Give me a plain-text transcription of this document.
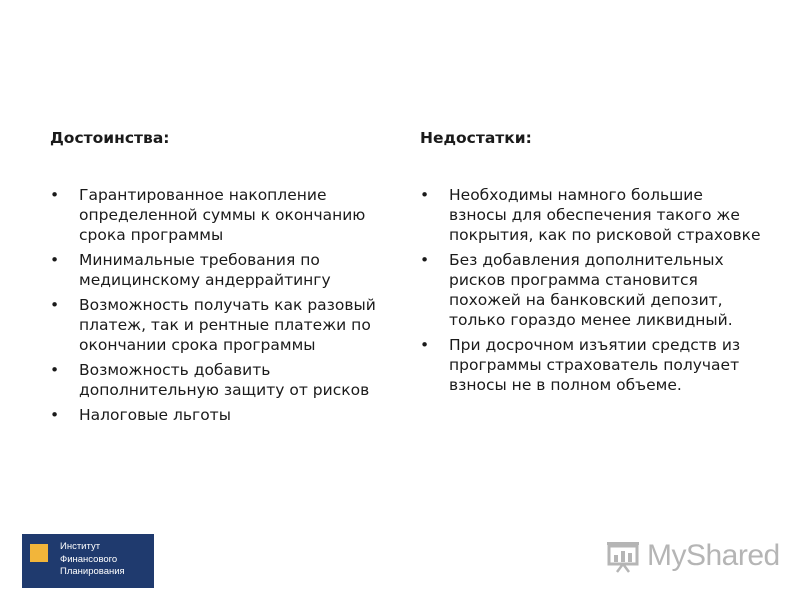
Достоинства:
• Гарантированное накопление определенной суммы к окончанию срока программы
• Минимальные требования по медицинскому андеррайтингу
• Возможность получать как разовый платеж, так и рентные платежи по окончании срока программы
• Возможность добавить дополнительную защиту от рисков
• Налоговые льготы
Недостатки:
• Необходимы намного большие взносы для обеспечения такого же покрытия, как по рисковой страховке
• Без добавления дополнительных рисков программа становится похожей на банковский депозит, только гораздо менее ликвидный.
• При досрочном изъятии средств из программы страхователь получает взносы не в полном объеме.
Институт
Финансового
Планирования	MyShared
